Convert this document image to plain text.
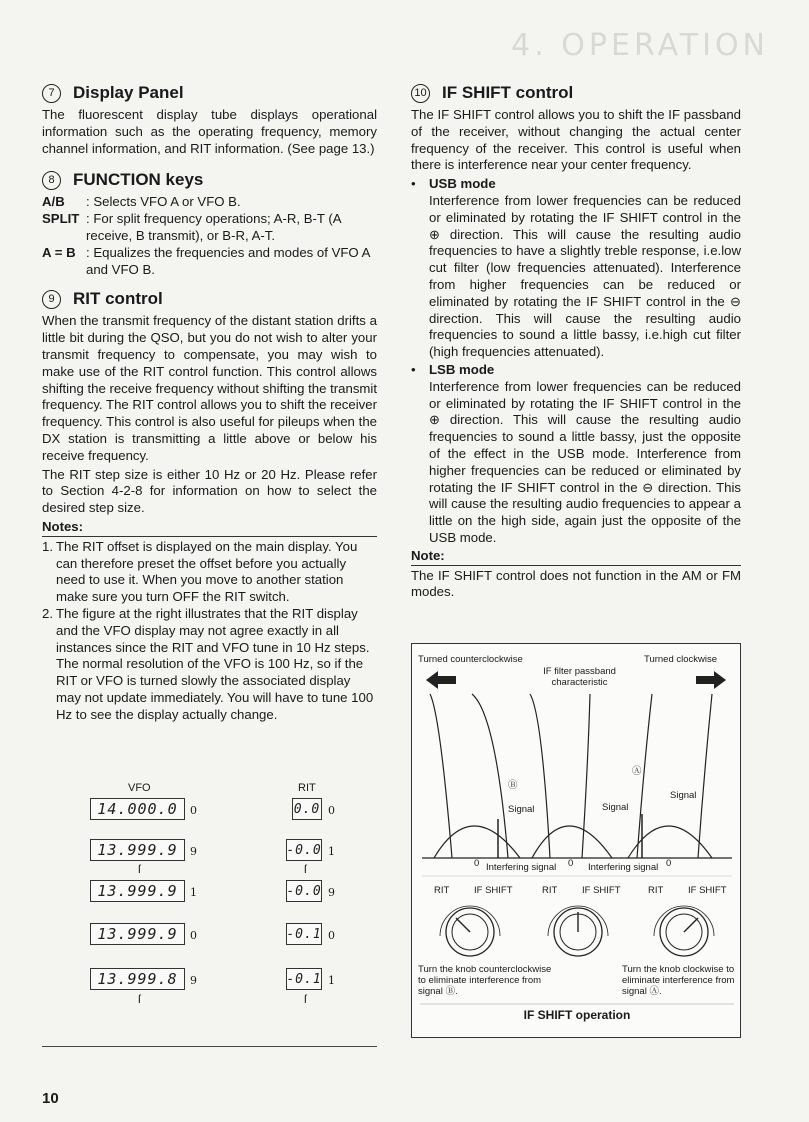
4. OPERATION
7	Display Panel

The fluorescent display tube displays operational information such as the operating frequency, memory channel information, and RIT information. (See page 13.)

8	FUNCTION keys
A/B	: Selects VFO A or VFO B.
SPLIT : For split frequency operations; A-R, B-T (A receive, B transmit), or B-R, A-T.
A = B : Equalizes the frequencies and modes of VFO A and VFO B.
9	RIT control

When the transmit frequency of the distant station drifts a little bit during the QSO, but you do not wish to alter your transmit frequency to compensate, you may wish to make use of the RIT control function. This control allows shifting the receive frequency without shifting the transmit frequency. The RIT control allows you to shift the receiver frequency. This control is also useful for pileups when the DX station is transmitting a little above or below his receive frequency.

The RIT step size is either 10 Hz or 20 Hz. Please refer to Section 4-2-8 for information on how to select the desired step size.

Notes:
1. The RIT offset is displayed on the main display. You can therefore preset the offset before you actually need to use it. When you move to another station make sure you turn OFF the RIT switch.
2. The figure at the right illustrates that the RIT display and the VFO display may not agree exactly in all instances since the RIT and VFO tune in 10 Hz steps. The normal resolution of the VFO is 100 Hz, so if the RIT or VFO is turned slowly the associated display may not update immediately. You will have to tune 100 Hz to see the display actually change.
VFO	RIT
14.000.0	0	0.0 0
13.999.9	9	-0.0 1
ſ	ſ
13.999.9	1	-0.0 9
13.999.9	0	-0.1 0
13.999.8	9	-0.1 1
ſ	ſ
10
10 IF SHIFT control

The IF SHIFT control allows you to shift the IF passband of the receiver, without changing the actual center frequency of the receiver. This control is useful when there is interference near your center frequency.

•	USB mode
Interference from lower frequencies can be reduced or eliminated by rotating the IF SHIFT control in the ⊕ direction. This will cause the resulting audio frequencies to have a slightly treble response, i.e.low cut filter (low frequencies attenuated). Interference from higher frequencies can be reduced or eliminated by rotating the IF SHIFT control in the ⊖ direction. This will cause the resulting audio frequencies to sound a little bassy, i.e.high cut filter (high frequencies attenuated).
•	LSB mode
Interference from lower frequencies can be reduced or eliminated by rotating the IF SHIFT control in the ⊕ direction. This will cause the resulting audio frequencies to sound a little bassy, just the opposite of the effect in the USB mode. Interference from higher frequencies can be reduced or eliminated by rotating the IF SHIFT control in the ⊖ direction. This will cause the resulting audio frequencies to appear a little on the high side, again just the opposite of the USB mode.
Note:

The IF SHIFT control does not function in the AM or FM modes.

Turned counterclockwise	Turned clockwise
IF filter passband characteristic
Ⓑ
Ⓐ
Signal	Signal
Signal
0 Interfering signal 0 Interfering signal 0
RIT	IF SHIFT	RIT	IF SHIFT	RIT	IF SHIFT
Turn the knob counterclockwise to eliminate interference from signal Ⓑ.
Turn the knob clockwise to eliminate interference from signal Ⓐ.
IF SHIFT operation
